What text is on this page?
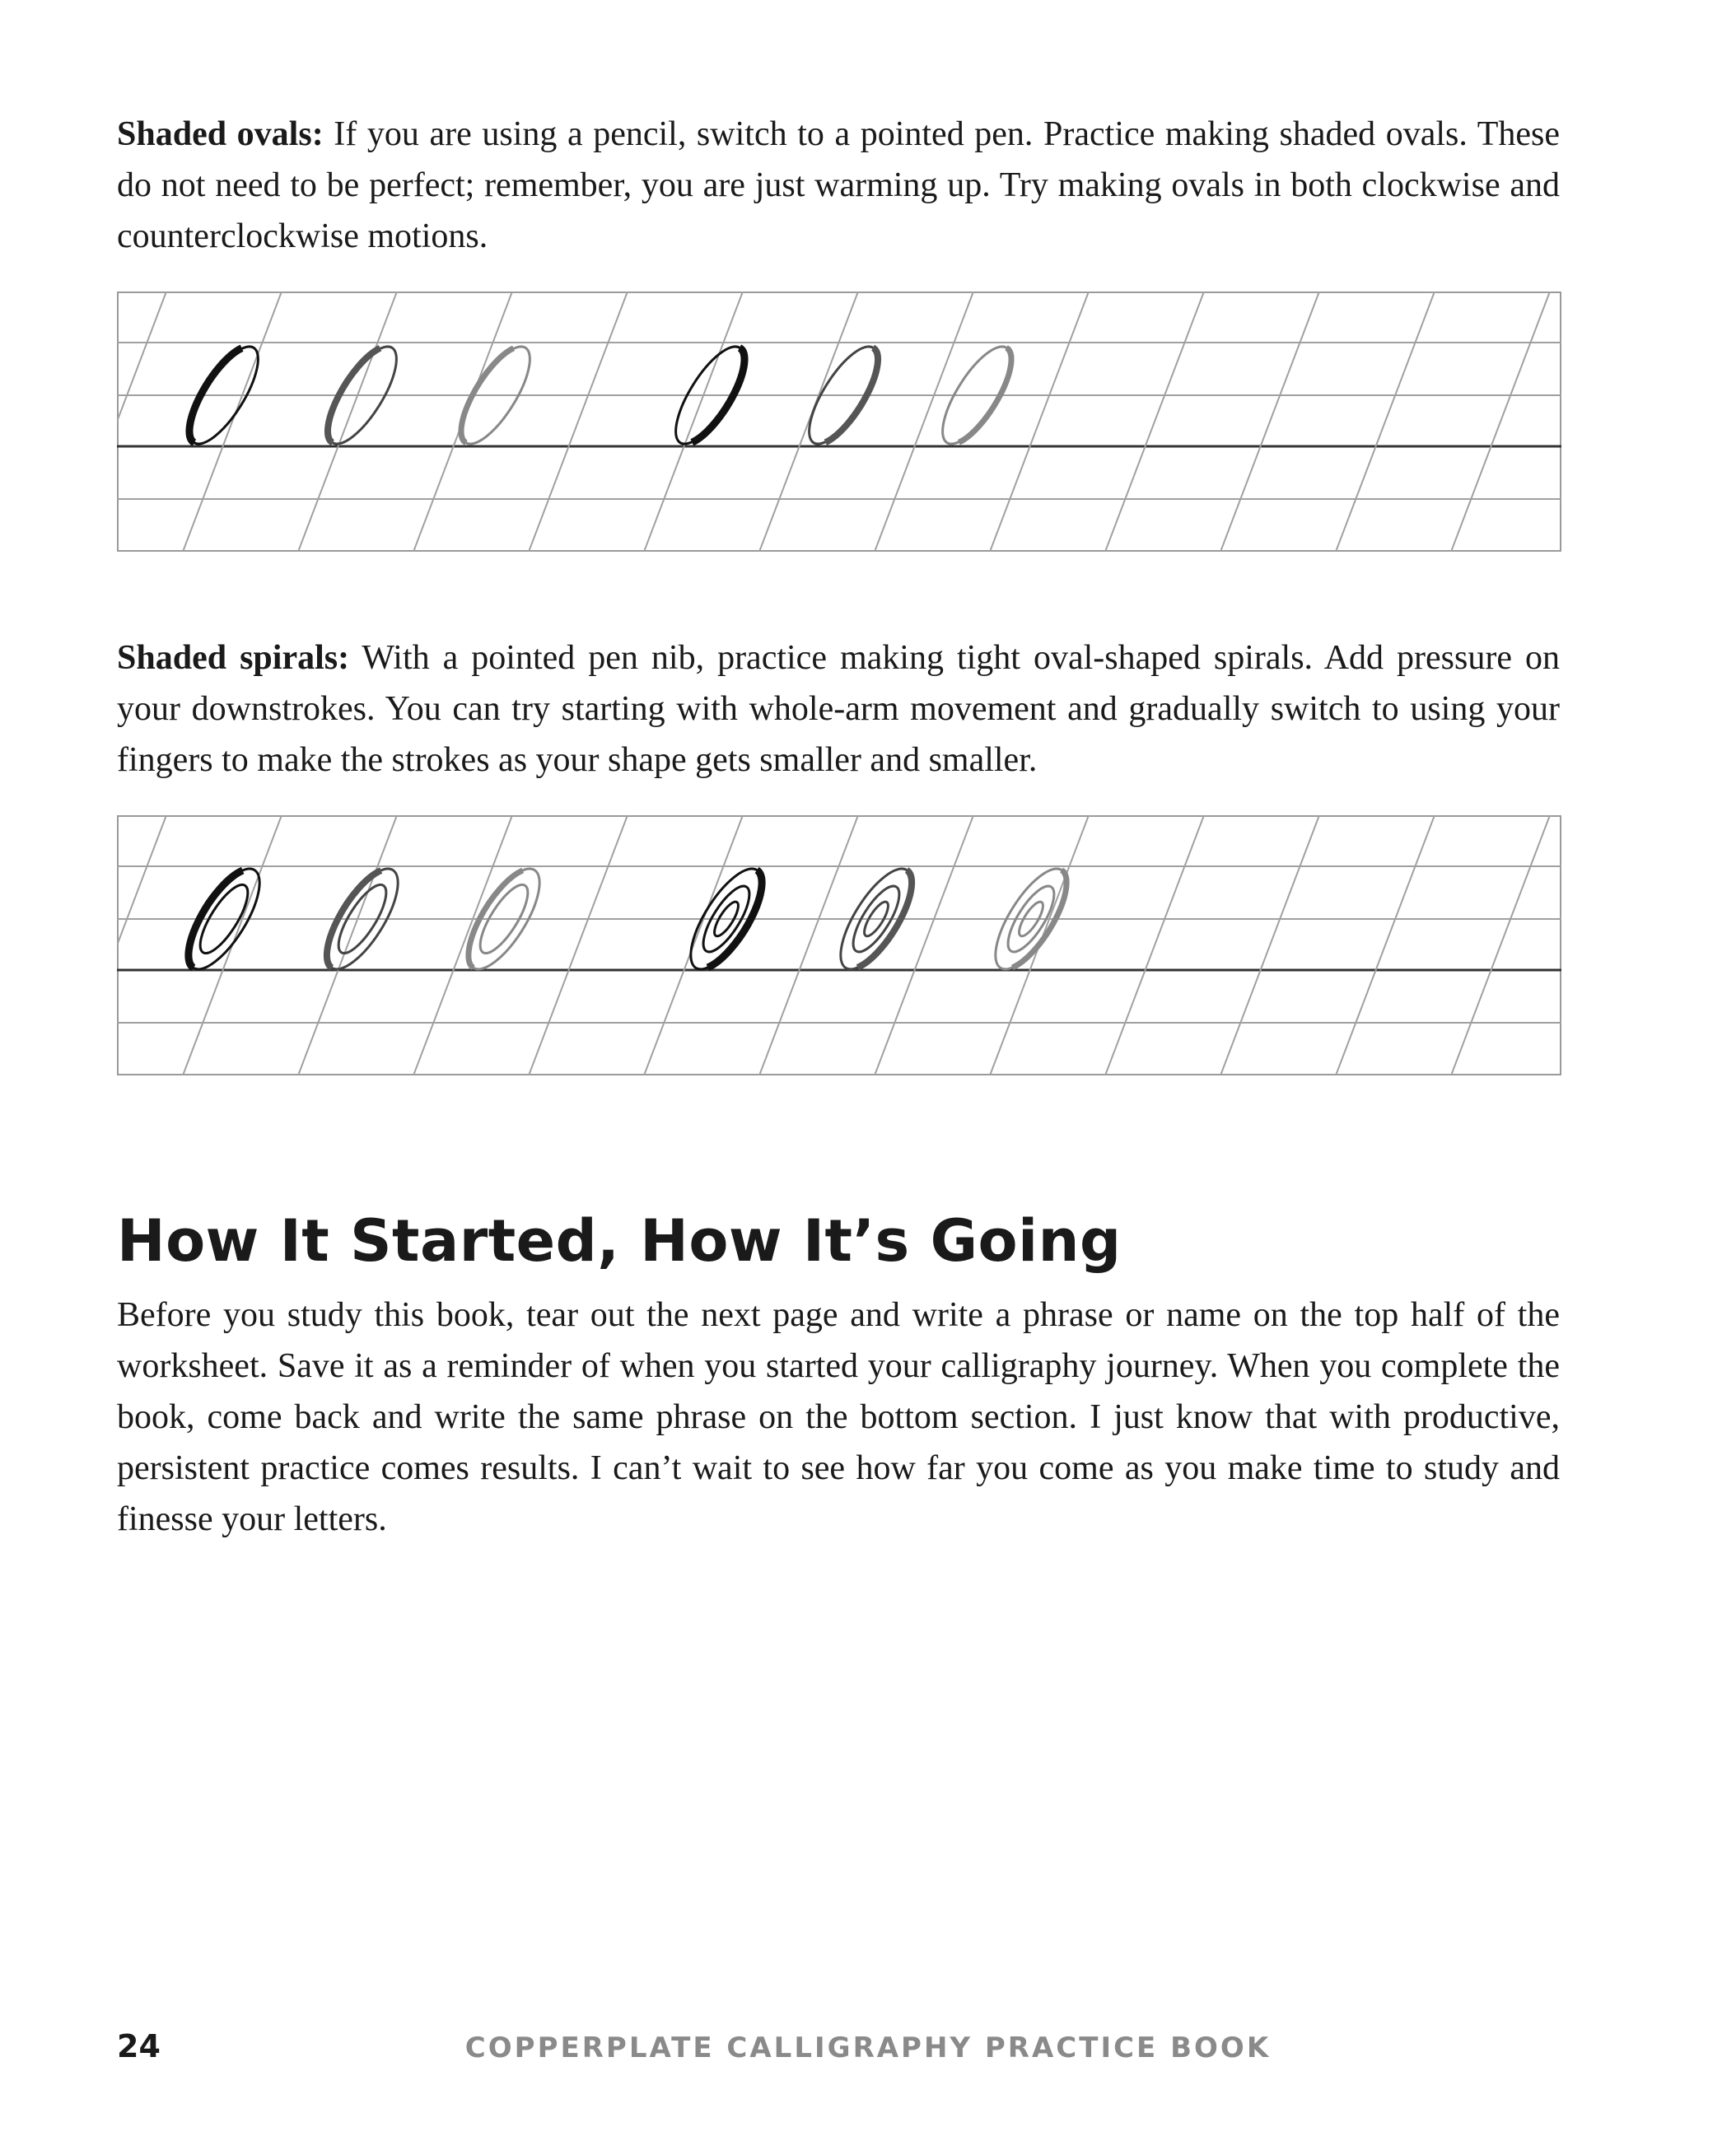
Shaded ovals: If you are using a pencil, switch to a pointed pen. Practice making shaded ovals. These do not need to be perfect; remember, you are just warming up. Try making ovals in both clockwise and counterclockwise motions.

Shaded spirals: With a pointed pen nib, practice making tight oval-shaped spirals. Add pressure on your downstrokes. You can try starting with whole-arm movement and gradually switch to using your fingers to make the strokes as your shape gets smaller and smaller.

How It Started, How It’s Going

Before you study this book, tear out the next page and write a phrase or name on the top half of the worksheet. Save it as a reminder of when you started your calligraphy journey. When you complete the book, come back and write the same phrase on the bottom section. I just know that with productive, persistent practice comes results. I can’t wait to see how far you come as you make time to study and finesse your letters.

24	COPPERPLATE CALLIGRAPHY PRACTICE BOOK
